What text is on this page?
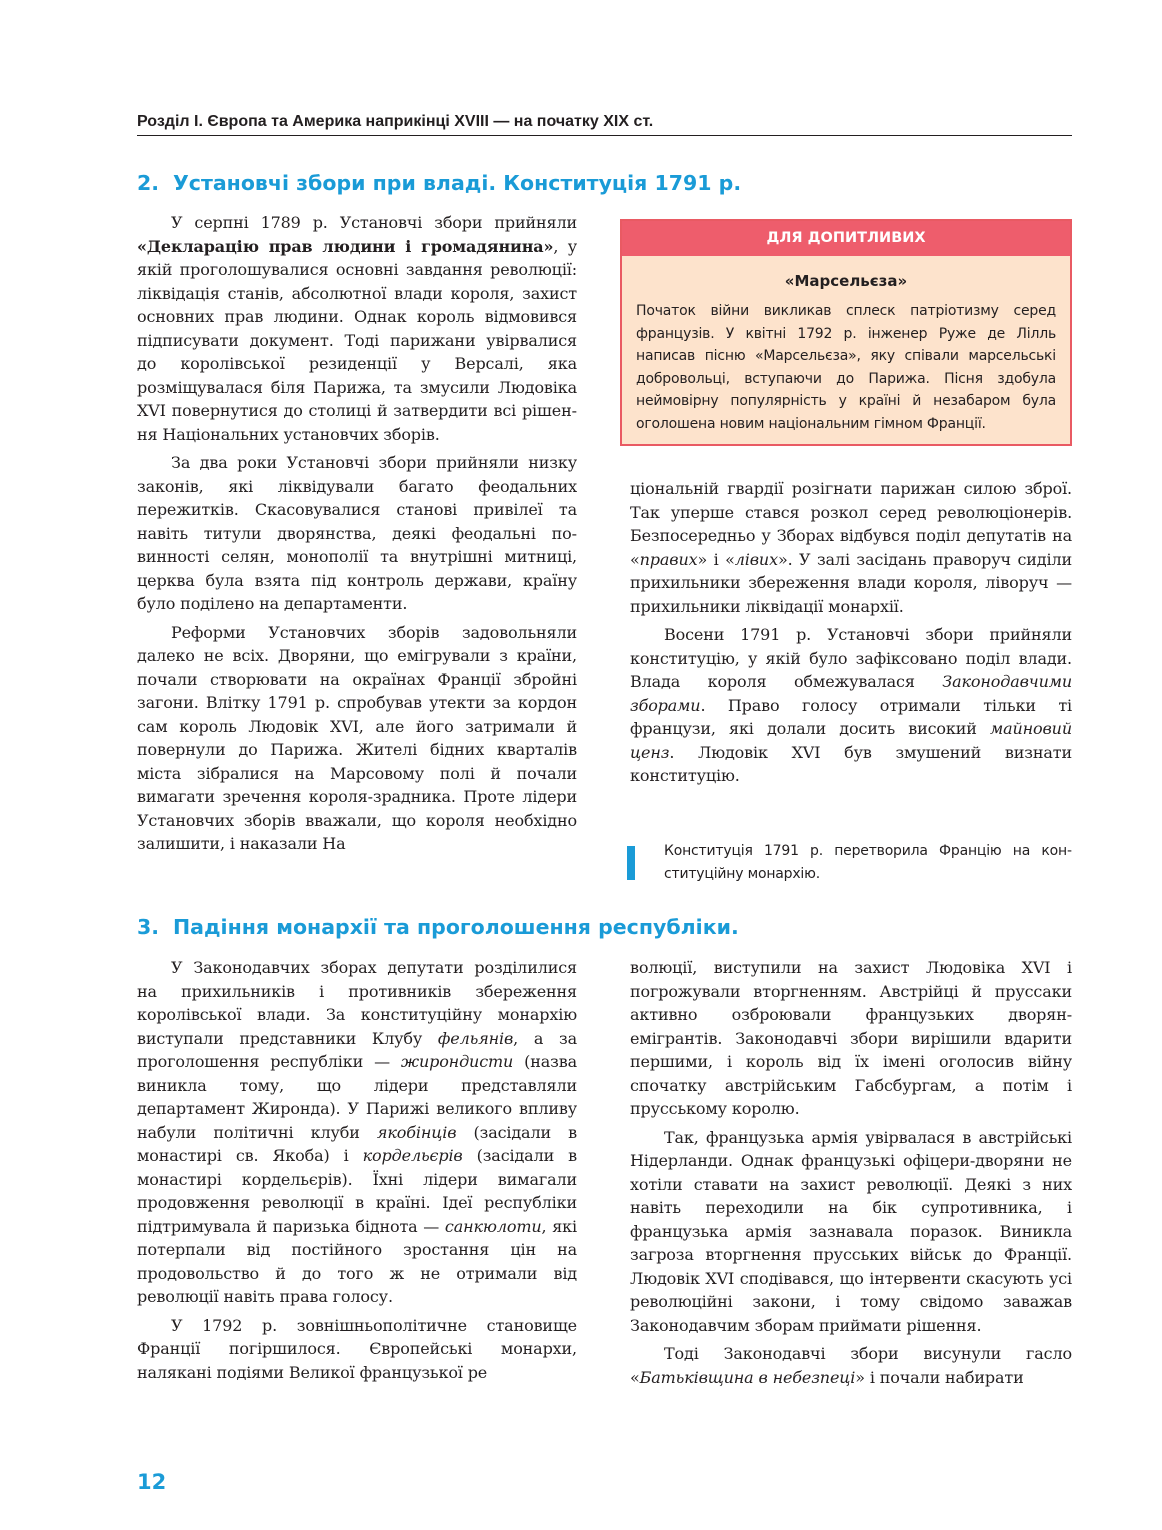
Розділ І. Європа та Америка наприкінці XVIII — на початку XIX ст.
2. Установчі збори при владі. Конституція 1791 р.

У серпні 1789 р. Установчі збори прийняли «Декларацію прав людини і громадянина», у якій проголошувалися основні завдання революції: ліквідація станів, абсолютної влади короля, захист основних прав людини. Однак король відмовився підписувати документ. Тоді парижани увірвалися до королівської резиденції у Версалі, яка розміщувалася біля Парижа, та змусили Людовіка XVI повернутися до столиці й затвердити всі рішення Національних установчих зборів.

За два роки Установчі збори прийняли низку законів, які ліквідували багато феодальних пережитків. Скасовувалися станові привілеї та навіть титули дворянства, деякі феодальні повинності селян, монополії та внутрішні митниці, церква була взята під контроль держави, країну було поділено на департаменти.

Реформи Установчих зборів задовольняли далеко не всіх. Дворяни, що емігрували з країни, почали створювати на окраїнах Франції збройні загони. Влітку 1791 р. спробував утекти за кордон сам король Людовік XVI, але його затримали й повернули до Парижа. Жителі бідних кварталів міста зібралися на Марсовому полі й почали вимагати зречення короля-зрадника. Проте лідери Установчих зборів вважали, що короля необхідно залишити, і наказали На

ДЛЯ ДОПИТЛИВИХ
«Марсельєза»
Початок війни викликав сплеск патріотизму серед французів. У квітні 1792 р. інженер Руже де Лілль написав пісню «Марсельєза», яку співали марсельські добровольці, вступаючи до Парижа. Пісня здобула неймовірну популярність у країні й незабаром була оголошена новим національним гімном Франції.

ціональній гвардії розігнати парижан силою зброї. Так уперше стався розкол серед революціонерів. Безпосередньо у Зборах відбувся поділ депутатів на «правих» і «лівих». У залі засідань праворуч сиділи прихильники збереження влади короля, ліворуч — прихильники ліквідації монархії.

Восени 1791 р. Установчі збори прийняли конституцію, у якій було зафіксовано поділ влади. Влада короля обмежувалася Законодавчими зборами. Право голосу отримали тільки ті французи, які долали досить високий майновий ценз. Людовік XVI був змушений визнати конституцію.

Конституція 1791 р. перетворила Францію на конституційну монархію.
3. Падіння монархії та проголошення республіки.

У Законодавчих зборах депутати розділилися на прихильників і противників збереження королівської влади. За конституційну монархію виступали представники Клубу фельянів, а за проголошення республіки — жирондисти (назва виникла тому, що лідери представляли департамент Жиронда). У Парижі великого впливу набули політичні клуби якобінців (засідали в монастирі св. Якоба) і кордельєрів (засідали в монастирі кордельєрів). Їхні лідери вимагали продовження революції в країні. Ідеї республіки підтримувала й паризька біднота — санкюлоти, які потерпали від постійного зростання цін на продовольство й до того ж не отримали від революції навіть права голосу.

У 1792 р. зовнішньополітичне становище Франції погіршилося. Європейські монархи, налякані подіями Великої французької ре

волюції, виступили на захист Людовіка XVI і погрожували вторгненням. Австрійці й пруссаки активно озброювали французьких дворян-емігрантів. Законодавчі збори вирішили вдарити першими, і король від їх імені оголосив війну спочатку австрійським Габсбургам, а потім і прусському королю.

Так, французька армія увірвалася в австрійські Нідерланди. Однак французькі офіцери-дворяни не хотіли ставати на захист революції. Деякі з них навіть переходили на бік супротивника, і французька армія зазнавала поразок. Виникла загроза вторгнення прусських військ до Франції. Людовік XVI сподівався, що інтервенти скасують усі революційні закони, і тому свідомо заважав Законодавчим зборам приймати рішення.

Тоді Законодавчі збори висунули гасло «Батьківщина в небезпеці» і почали набирати

12
